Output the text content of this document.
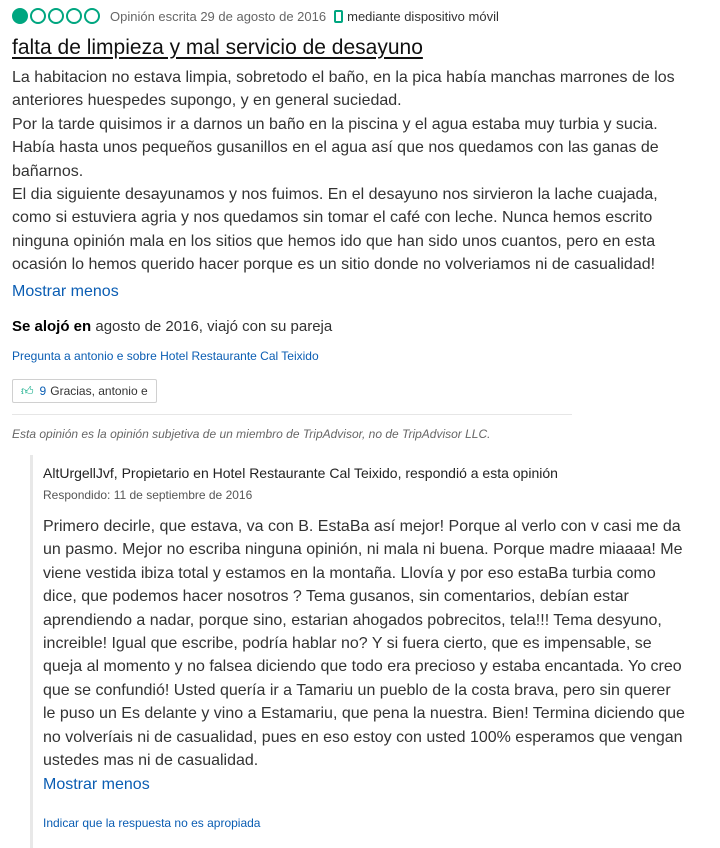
Opinión escrita 29 de agosto de 2016 mediante dispositivo móvil
falta de limpieza y mal servicio de desayuno

La habitacion no estava limpia, sobretodo el baño, en la pica había manchas marrones de los anteriores huespedes supongo, y en general suciedad.

Por la tarde quisimos ir a darnos un baño en la piscina y el agua estaba muy turbia y sucia. Había hasta unos pequeños gusanillos en el agua así que nos quedamos con las ganas de bañarnos.

El dia siguiente desayunamos y nos fuimos. En el desayuno nos sirvieron la lache cuajada, como si estuviera agria y nos quedamos sin tomar el café con leche. Nunca hemos escrito ninguna opinión mala en los sitios que hemos ido que han sido unos cuantos, pero en esta ocasión lo hemos querido hacer porque es un sitio donde no volveriamos ni de casualidad!

Mostrar menos
Se alojó en agosto de 2016, viajó con su pareja
Pregunta a antonio e sobre Hotel Restaurante Cal Teixido
👍︎ 9 Gracias, antonio e
Esta opinión es la opinión subjetiva de un miembro de TripAdvisor, no de TripAdvisor LLC.
AltUrgellJvf, Propietario en Hotel Restaurante Cal Teixido, respondió a esta opinión
Respondido: 11 de septiembre de 2016

Primero decirle, que estava, va con B. EstaBa así mejor! Porque al verlo con v casi me da un pasmo. Mejor no escriba ninguna opinión, ni mala ni buena. Porque madre miaaaa! Me viene vestida ibiza total y estamos en la montaña. Llovía y por eso estaBa turbia como dice, que podemos hacer nosotros ? Tema gusanos, sin comentarios, debían estar aprendiendo a nadar, porque sino, estarian ahogados pobrecitos, tela!!! Tema desyuno, increible! Igual que escribe, podría hablar no? Y si fuera cierto, que es impensable, se queja al momento y no falsea diciendo que todo era precioso y estaba encantada. Yo creo que se confundió! Usted quería ir a Tamariu un pueblo de la costa brava, pero sin querer le puso un Es delante y vino a Estamariu, que pena la nuestra. Bien! Termina diciendo que no volveríais ni de casualidad, pues en eso estoy con usted 100% esperamos que vengan ustedes mas ni de casualidad.

Mostrar menos
Indicar que la respuesta no es apropiada
